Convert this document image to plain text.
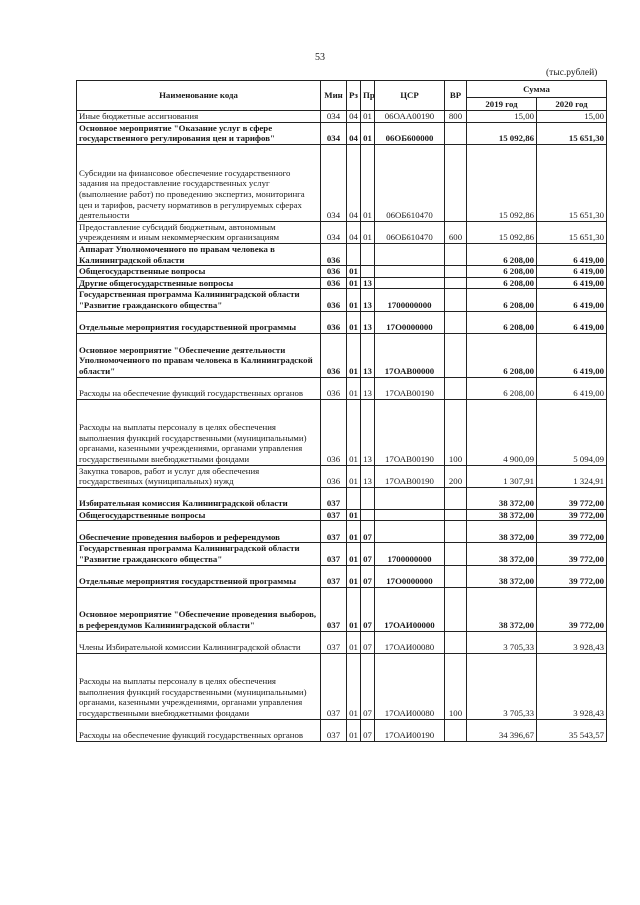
53
(тыс.рублей)
Наименование кода	Мин	Рз	Пр	ЦСР	ВР	Сумма	
						2019 год	2020 год
Иные бюджетные ассигнования	034	04	01	06ОАА00190	800	15,00	15,00
Основное мероприятие "Оказание услуг в сфере государственного регулирования цен и тарифов"	034	04	01	06ОБ600000		15 092,86	15 651,30
Субсидии на финансовое обеспечение государственного задания на предоставление государственных услуг (выполнение работ) по проведению экспертиз, мониторинга цен и тарифов, расчету нормативов в регулируемых сферах деятельности	034	04	01	06ОБ610470		15 092,86	15 651,30
Предоставление субсидий бюджетным, автономным учреждениям и иным некоммерческим организациям	034	04	01	06ОБ610470	600	15 092,86	15 651,30
Аппарат Уполномоченного по правам человека в Калининградской области	036					6 208,00	6 419,00
Общегосударственные вопросы	036	01				6 208,00	6 419,00
Другие общегосударственные вопросы	036	01	13			6 208,00	6 419,00
Государственная программа Калининградской области "Развитие гражданского общества"	036	01	13	1700000000		6 208,00	6 419,00
Отдельные мероприятия государственной программы	036	01	13	17О0000000		6 208,00	6 419,00
Основное мероприятие "Обеспечение деятельности Уполномоченного по правам человека в Калининградской области"	036	01	13	17ОАВ00000		6 208,00	6 419,00
Расходы на обеспечение функций государственных органов	036	01	13	17ОАВ00190		6 208,00	6 419,00
Расходы на выплаты персоналу в целях обеспечения выполнения функций государственными (муниципальными) органами, казенными учреждениями, органами управления государственными внебюджетными фондами	036	01	13	17ОАВ00190	100	4 900,09	5 094,09
Закупка товаров, работ и услуг для обеспечения государственных (муниципальных) нужд	036	01	13	17ОАВ00190	200	1 307,91	1 324,91
Избирательная комиссия Калининградской области	037					38 372,00	39 772,00
Общегосударственные вопросы	037	01				38 372,00	39 772,00
Обеспечение проведения выборов и референдумов	037	01	07			38 372,00	39 772,00
Государственная программа Калининградской области "Развитие гражданского общества"	037	01	07	1700000000		38 372,00	39 772,00
Отдельные мероприятия государственной программы	037	01	07	17О0000000		38 372,00	39 772,00
Основное мероприятие "Обеспечение проведения выборов, в референдумов Калининградской области"	037	01	07	17ОАИ00000		38 372,00	39 772,00
Члены Избирательной комиссии Калининградской области	037	01	07	17ОАИ00080		3 705,33	3 928,43
Расходы на выплаты персоналу в целях обеспечения выполнения функций государственными (муниципальными) органами, казенными учреждениями, органами управления государственными внебюджетными фондами	037	01	07	17ОАИ00080	100	3 705,33	3 928,43
Расходы на обеспечение функций государственных органов	037	01	07	17ОАИ00190		34 396,67	35 543,57
